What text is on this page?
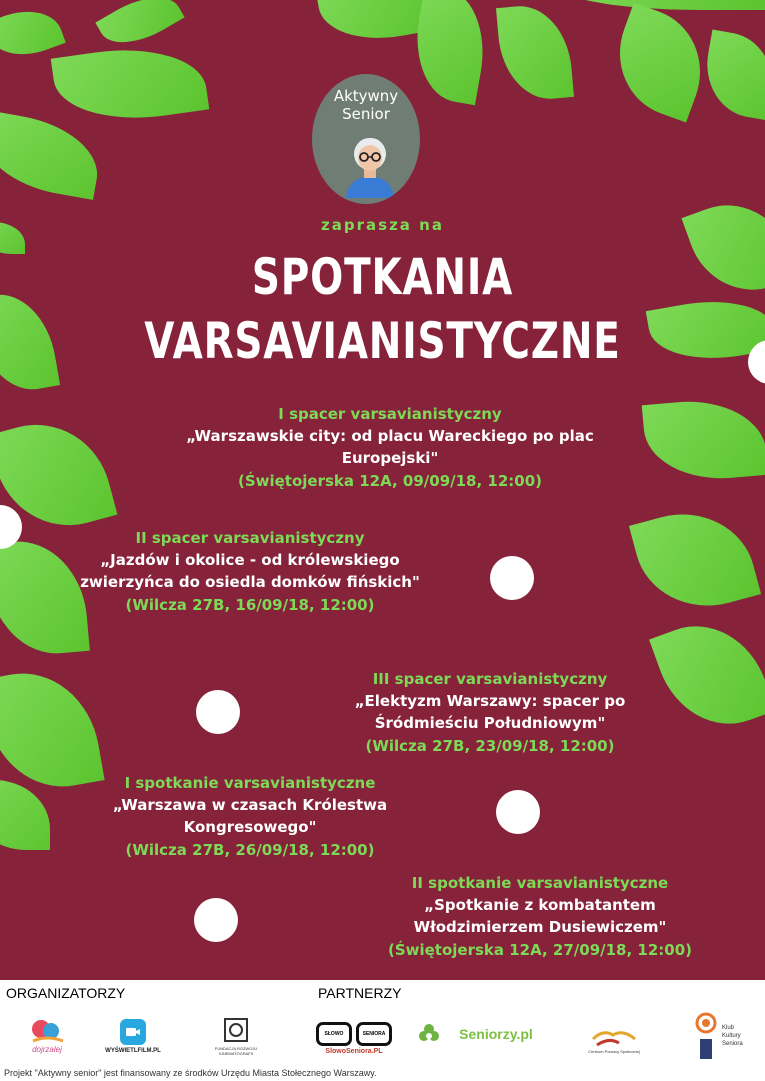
Aktywny
Senior
zaprasza na
SPOTKANIA
VARSAVIANISTYCZNE
I spacer varsavianistyczny
„Warszawskie city: od placu Wareckiego po plac Europejski"
(Świętojerska 12A, 09/09/18, 12:00)
II spacer varsavianistyczny
„Jazdów i okolice - od królewskiego zwierzyńca do osiedla domków fińskich"
(Wilcza 27B, 16/09/18, 12:00)
III spacer varsavianistyczny
„Elektyzm Warszawy: spacer po Śródmieściu Południowym"
(Wilcza 27B, 23/09/18, 12:00)
I spotkanie varsavianistyczne
„Warszawa w czasach Królestwa Kongresowego"
(Wilcza 27B, 26/09/18, 12:00)
II spotkanie varsavianistyczne
„Spotkanie z kombatantem Włodzimierzem Dusiewiczem"
(Świętojerska 12A, 27/09/18, 12:00)
ORGANIZATORZY	PARTNERZY
dojrzalej	WYŚWIETLFILM.PL	FUNDACJA ROZWOJU KINEMATOGRAFII
SŁOWO	SENIORA
SlowoSeniora.PL
Seniorzy.pl
Centrum Pomocy Społecznej
Klub Kultury Seniora
Projekt "Aktywny senior" jest finansowany ze środków Urzędu Miasta Stołecznego Warszawy.
